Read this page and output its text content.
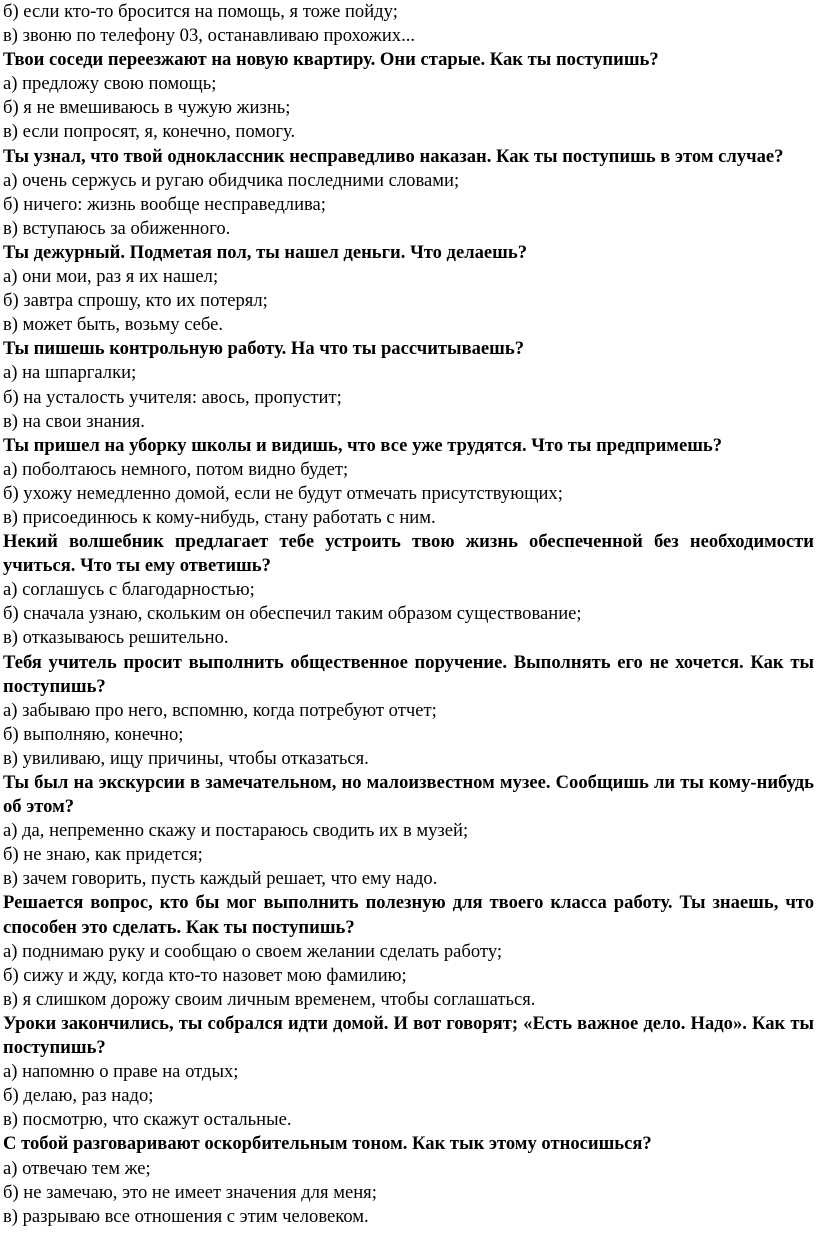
б) если кто-то бросится на помощь, я тоже пойду;
в) звоню по телефону 03, останавливаю прохожих...
Твои соседи переезжают на новую квартиру. Они старые. Как ты поступишь?
а) предложу свою помощь;
б) я не вмешиваюсь в чужую жизнь;
в) если попросят, я, конечно, помогу.
Ты узнал, что твой одноклассник несправедливо наказан. Как ты поступишь в этом случае?
а) очень сержусь и ругаю обидчика последними словами;
б) ничего: жизнь вообще несправедлива;
в) вступаюсь за обиженного.
Ты дежурный. Подметая пол, ты нашел деньги. Что делаешь?
а) они мои, раз я их нашел;
б) завтра спрошу, кто их потерял;
в) может быть, возьму себе.
Ты пишешь контрольную работу. На что ты рассчитываешь?
а) на шпаргалки;
б) на усталость учителя: авось, пропустит;
в) на свои знания.
Ты пришел на уборку школы и видишь, что все уже трудятся. Что ты предпримешь?
а) поболтаюсь немного, потом видно будет;
б) ухожу немедленно домой, если не будут отмечать присутствующих;
в) присоединюсь к кому-нибудь, стану работать с ним.
Некий волшебник предлагает тебе устроить твою жизнь обеспеченной без необходимости учиться. Что ты ему ответишь?
а) соглашусь с благодарностью;
б) сначала узнаю, скольким он обеспечил таким образом существование;
в) отказываюсь решительно.
Тебя учитель просит выполнить общественное поручение. Выполнять его не хочется. Как ты поступишь?
а) забываю про него, вспомню, когда потребуют отчет;
б) выполняю, конечно;
в) увиливаю, ищу причины, чтобы отказаться.
Ты был на экскурсии в замечательном, но малоизвестном музее. Сообщишь ли ты кому-нибудь об этом?
а) да, непременно скажу и постараюсь сводить их в музей;
б) не знаю, как придется;
в) зачем говорить, пусть каждый решает, что ему надо.
Решается вопрос, кто бы мог выполнить полезную для твоего класса работу. Ты знаешь, что способен это сделать. Как ты поступишь?
а) поднимаю руку и сообщаю о своем желании сделать работу;
б) сижу и жду, когда кто-то назовет мою фамилию;
в) я слишком дорожу своим личным временем, чтобы соглашаться.
Уроки закончились, ты собрался идти домой. И вот говорят; «Есть важное дело. Надо». Как ты поступишь?
а) напомню о праве на отдых;
б) делаю, раз надо;
в) посмотрю, что скажут остальные.
С тобой разговаривают оскорбительным тоном. Как тык этому относишься?
а) отвечаю тем же;
б) не замечаю, это не имеет значения для меня;
в) разрываю все отношения с этим человеком.
